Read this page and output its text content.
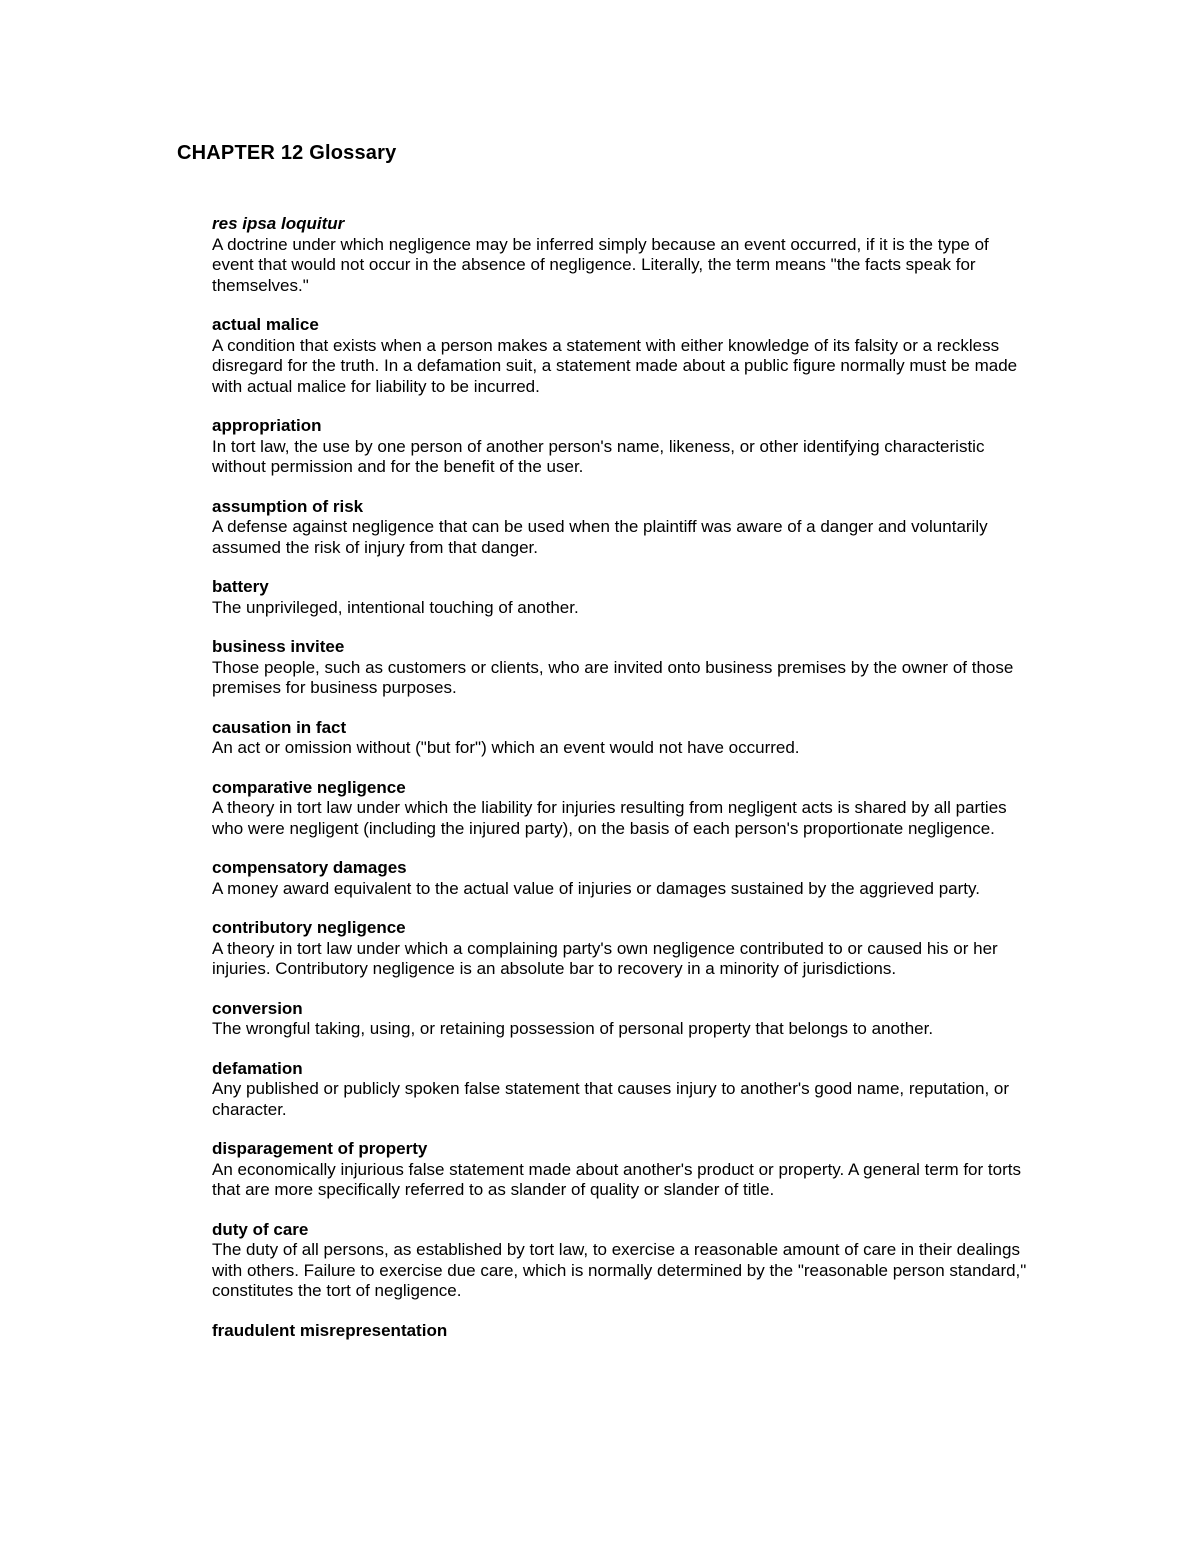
CHAPTER 12 Glossary
res ipsa loquitur
A doctrine under which negligence may be inferred simply because an event occurred, if it is the type of event that would not occur in the absence of negligence. Literally, the term means "the facts speak for themselves."
actual malice
A condition that exists when a person makes a statement with either knowledge of its falsity or a reckless disregard for the truth. In a defamation suit, a statement made about a public figure normally must be made with actual malice for liability to be incurred.
appropriation
In tort law, the use by one person of another person's name, likeness, or other identifying characteristic without permission and for the benefit of the user.
assumption of risk
A defense against negligence that can be used when the plaintiff was aware of a danger and voluntarily assumed the risk of injury from that danger.
battery
The unprivileged, intentional touching of another.
business invitee
Those people, such as customers or clients, who are invited onto business premises by the owner of those premises for business purposes.
causation in fact
An act or omission without ("but for") which an event would not have occurred.
comparative negligence
A theory in tort law under which the liability for injuries resulting from negligent acts is shared by all parties who were negligent (including the injured party), on the basis of each person's proportionate negligence.
compensatory damages
A money award equivalent to the actual value of injuries or damages sustained by the aggrieved party.
contributory negligence
A theory in tort law under which a complaining party's own negligence contributed to or caused his or her injuries. Contributory negligence is an absolute bar to recovery in a minority of jurisdictions.
conversion
The wrongful taking, using, or retaining possession of personal property that belongs to another.
defamation
Any published or publicly spoken false statement that causes injury to another's good name, reputation, or character.
disparagement of property
An economically injurious false statement made about another's product or property. A general term for torts that are more specifically referred to as slander of quality or slander of title.
duty of care
The duty of all persons, as established by tort law, to exercise a reasonable amount of care in their dealings with others. Failure to exercise due care, which is normally determined by the "reasonable person standard," constitutes the tort of negligence.
fraudulent misrepresentation
